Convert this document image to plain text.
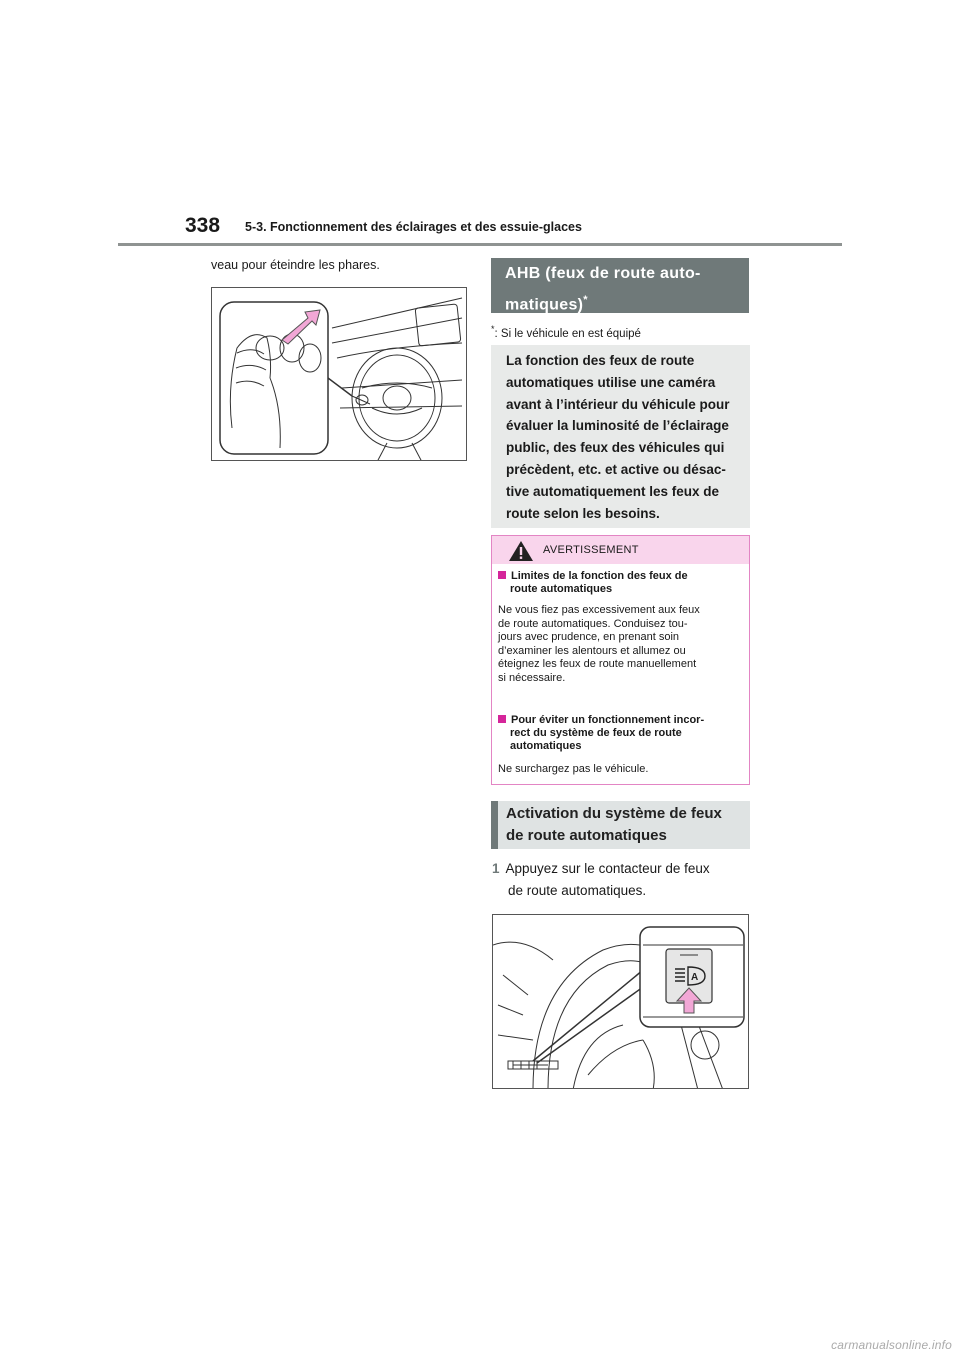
338 5-3. Fonctionnement des éclairages et des essuie-glaces
veau pour éteindre les phares.	AHB (feux de route auto-
matiques)*
*: Si le véhicule en est équipé
La fonction des feux de route
automatiques utilise une caméra
avant à l’intérieur du véhicule pour
évaluer la luminosité de l’éclairage
public, des feux des véhicules qui
précèdent, etc. et active ou désac-
tive automatiquement les feux de
route selon les besoins.
AVERTISSEMENT
Limites de la fonction des feux de
route automatiques
Ne vous fiez pas excessivement aux feux
de route automatiques. Conduisez tou-
jours avec prudence, en prenant soin
d’examiner les alentours et allumez ou
éteignez les feux de route manuellement
si nécessaire.
Pour éviter un fonctionnement incor-
rect du système de feux de route
automatiques
Ne surchargez pas le véhicule.
Activation du système de feux
de route automatiques
1 Appuyez sur le contacteur de feux
de route automatiques.
A
carmanualsonline.info
